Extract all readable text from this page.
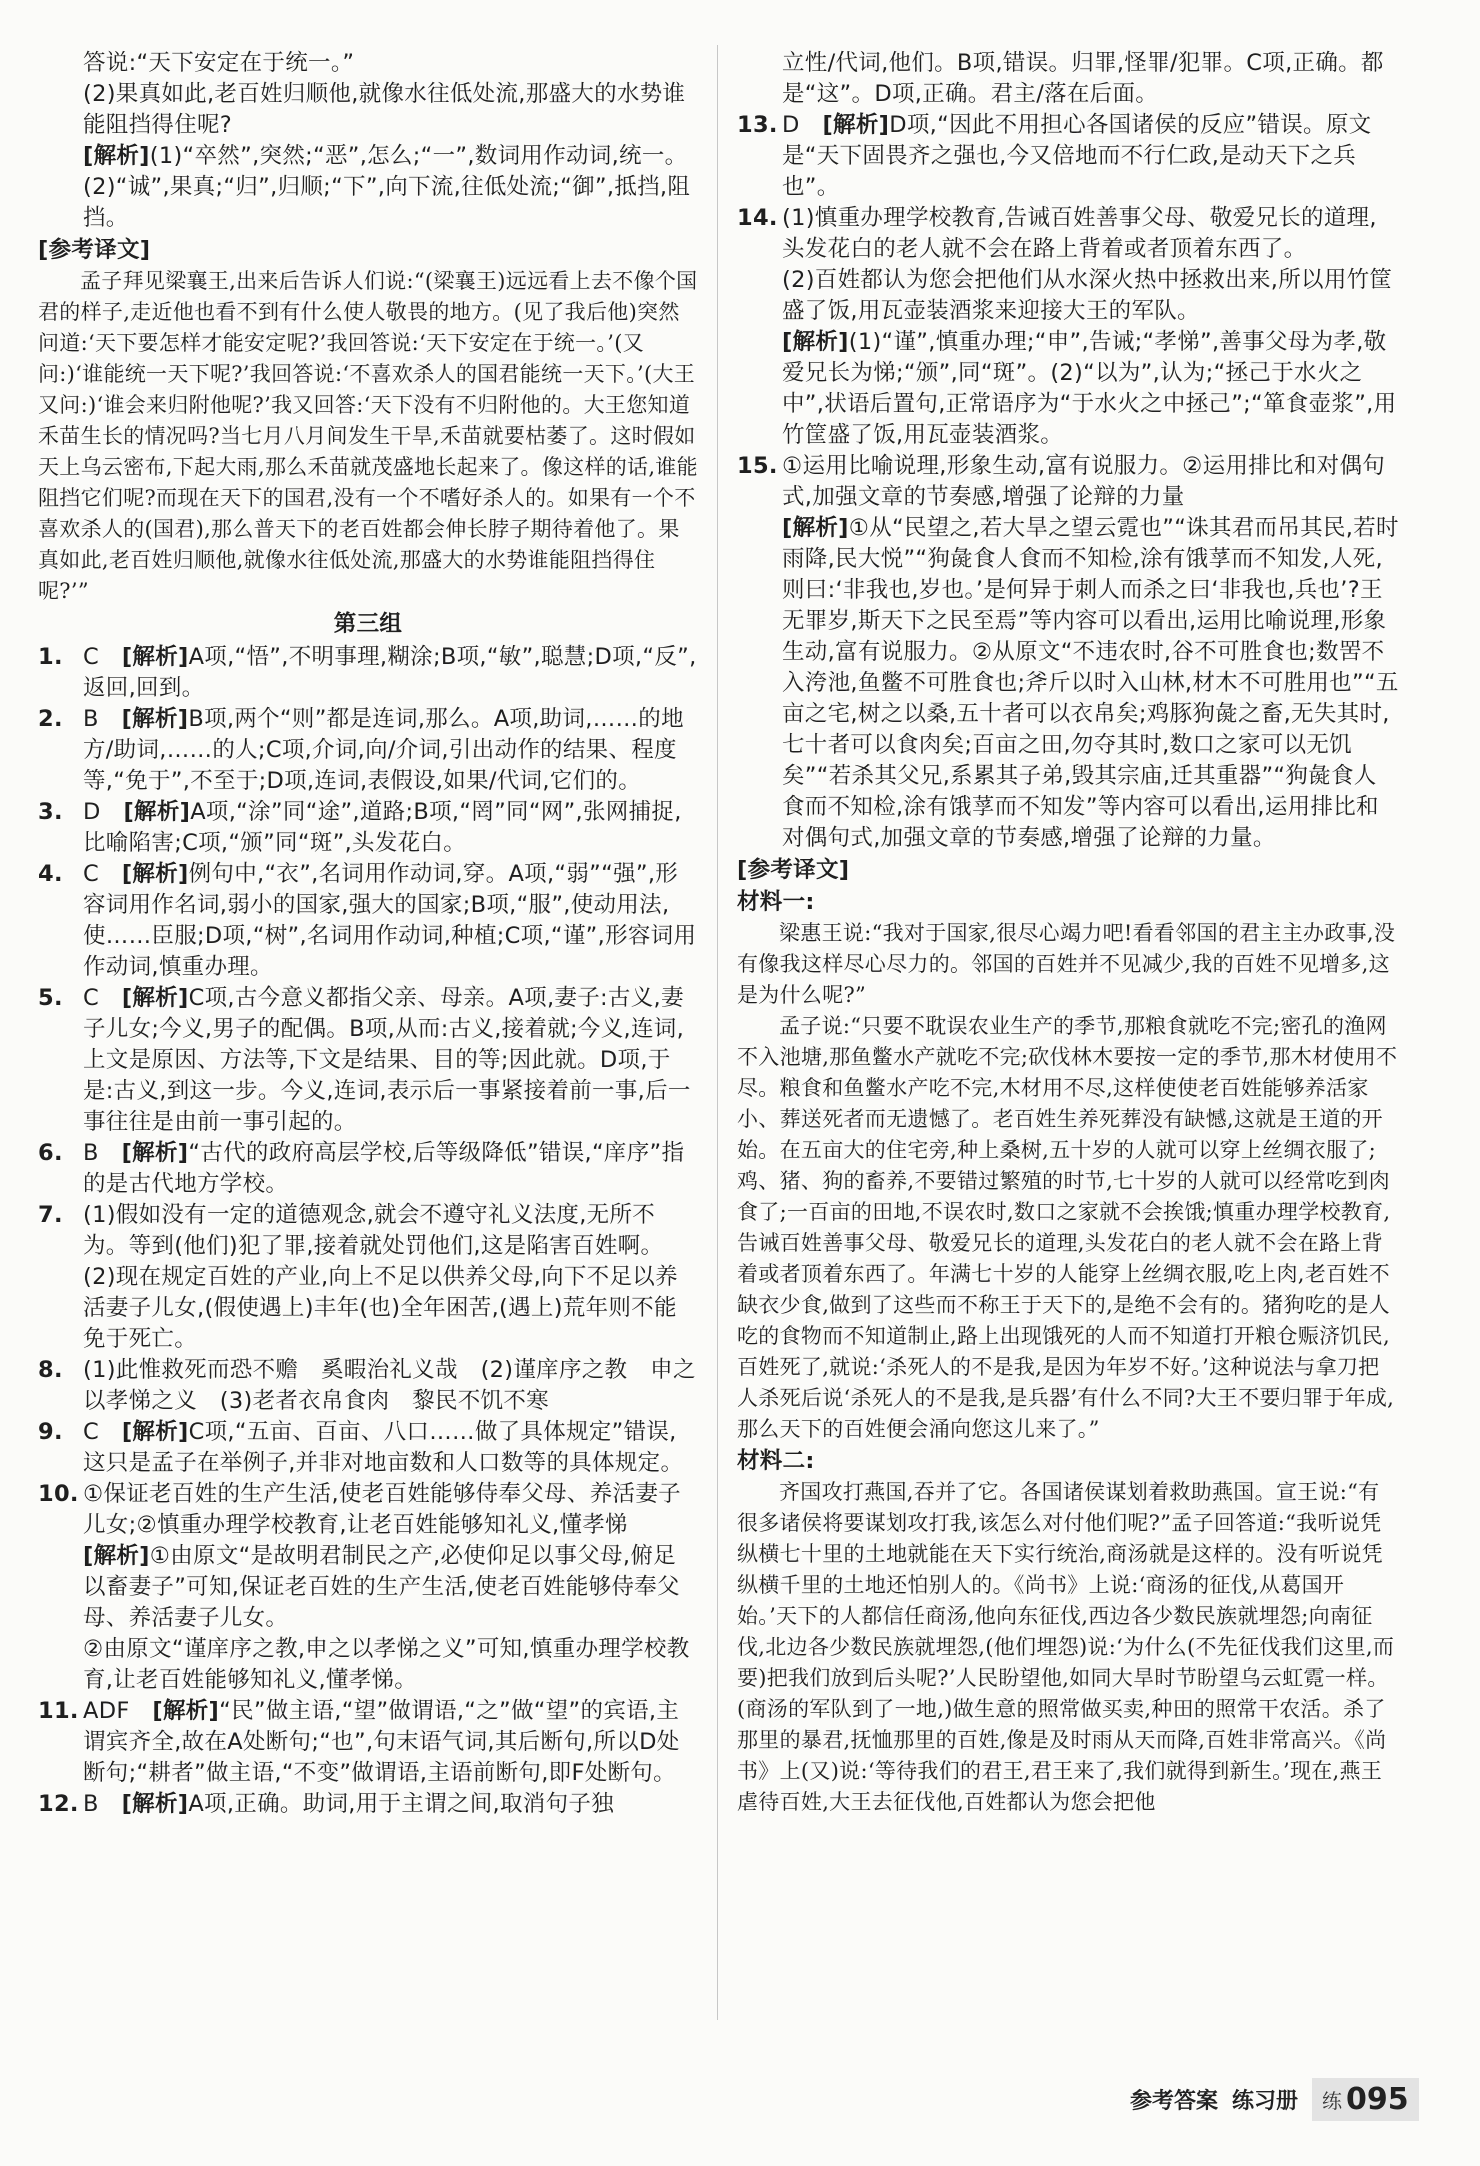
答说:“天下安定在于统一。”

(2)果真如此,老百姓归顺他,就像水往低处流,那盛大的水势谁能阻挡得住呢?

[解析](1)“卒然”,突然;“恶”,怎么;“一”,数词用作动词,统一。(2)“诚”,果真;“归”,归顺;“下”,向下流,往低处流;“御”,抵挡,阻挡。

[参考译文]

孟子拜见梁襄王,出来后告诉人们说:“(梁襄王)远远看上去不像个国君的样子,走近他也看不到有什么使人敬畏的地方。(见了我后他)突然问道:‘天下要怎样才能安定呢?’我回答说:‘天下安定在于统一。’(又问:)‘谁能统一天下呢?’我回答说:‘不喜欢杀人的国君能统一天下。’(大王又问:)‘谁会来归附他呢?’我又回答:‘天下没有不归附他的。大王您知道禾苗生长的情况吗?当七月八月间发生干旱,禾苗就要枯萎了。这时假如天上乌云密布,下起大雨,那么禾苗就茂盛地长起来了。像这样的话,谁能阻挡它们呢?而现在天下的国君,没有一个不嗜好杀人的。如果有一个不喜欢杀人的(国君),那么普天下的老百姓都会伸长脖子期待着他了。果真如此,老百姓归顺他,就像水往低处流,那盛大的水势谁能阻挡得住呢?’”

第三组

1. C　 [解析]A项,“悟”,不明事理,糊涂;B项,“敏”,聪慧;D项,“反”,返回,回到。

2. B　 [解析]B项,两个“则”都是连词,那么。A项,助词,……的地方/助词,……的人;C项,介词,向/介词,引出动作的结果、程度等,“免于”,不至于;D项,连词,表假设,如果/代词,它们的。

3. D　 [解析]A项,“涂”同“途”,道路;B项,“罔”同“网”,张网捕捉,比喻陷害;C项,“颁”同“斑”,头发花白。

4. C　 [解析]例句中,“衣”,名词用作动词,穿。A项,“弱”“强”,形容词用作名词,弱小的国家,强大的国家;B项,“服”,使动用法,使……臣服;D项,“树”,名词用作动词,种植;C项,“谨”,形容词用作动词,慎重办理。

5. C　 [解析]C项,古今意义都指父亲、母亲。A项,妻子:古义,妻子儿女;今义,男子的配偶。B项,从而:古义,接着就;今义,连词,上文是原因、方法等,下文是结果、目的等;因此就。D项,于是:古义,到这一步。今义,连词,表示后一事紧接着前一事,后一事往往是由前一事引起的。

6. B　 [解析]“古代的政府高层学校,后等级降低”错误,“庠序”指的是古代地方学校。

7. (1)假如没有一定的道德观念,就会不遵守礼义法度,无所不为。等到(他们)犯了罪,接着就处罚他们,这是陷害百姓啊。

(2)现在规定百姓的产业,向上不足以供养父母,向下不足以养活妻子儿女,(假使遇上)丰年(也)全年困苦,(遇上)荒年则不能免于死亡。

8. (1)此惟救死而恐不赡　奚暇治礼义哉　(2)谨庠序之教　申之以孝悌之义　(3)老者衣帛食肉　黎民不饥不寒

9. C　 [解析]C项,“五亩、百亩、八口……做了具体规定”错误,这只是孟子在举例子,并非对地亩数和人口数等的具体规定。

10. ①保证老百姓的生产生活,使老百姓能够侍奉父母、养活妻子儿女;②慎重办理学校教育,让老百姓能够知礼义,懂孝悌

[解析]①由原文“是故明君制民之产,必使仰足以事父母,俯足以畜妻子”可知,保证老百姓的生产生活,使老百姓能够侍奉父母、养活妻子儿女。

②由原文“谨庠序之教,申之以孝悌之义”可知,慎重办理学校教育,让老百姓能够知礼义,懂孝悌。

11. ADF　 [解析]“民”做主语,“望”做谓语,“之”做“望”的宾语,主谓宾齐全,故在A处断句;“也”,句末语气词,其后断句,所以D处断句;“耕者”做主语,“不变”做谓语,主语前断句,即F处断句。

12. B　 [解析]A项,正确。助词,用于主谓之间,取消句子独

立性/代词,他们。B项,错误。归罪,怪罪/犯罪。C项,正确。都是“这”。D项,正确。君主/落在后面。

13. D　 [解析]D项,“因此不用担心各国诸侯的反应”错误。原文是“天下固畏齐之强也,今又倍地而不行仁政,是动天下之兵也”。

14. (1)慎重办理学校教育,告诫百姓善事父母、敬爱兄长的道理,头发花白的老人就不会在路上背着或者顶着东西了。

(2)百姓都认为您会把他们从水深火热中拯救出来,所以用竹筐盛了饭,用瓦壶装酒浆来迎接大王的军队。

[解析](1)“谨”,慎重办理;“申”,告诫;“孝悌”,善事父母为孝,敬爱兄长为悌;“颁”,同“斑”。(2)“以为”,认为;“拯己于水火之中”,状语后置句,正常语序为“于水火之中拯己”;“箪食壶浆”,用竹筐盛了饭,用瓦壶装酒浆。

15. ①运用比喻说理,形象生动,富有说服力。②运用排比和对偶句式,加强文章的节奏感,增强了论辩的力量

[解析]①从“民望之,若大旱之望云霓也”“诛其君而吊其民,若时雨降,民大悦”“狗彘食人食而不知检,涂有饿莩而不知发,人死,则曰:‘非我也,岁也。’是何异于刺人而杀之曰‘非我也,兵也’?王无罪岁,斯天下之民至焉”等内容可以看出,运用比喻说理,形象生动,富有说服力。②从原文“不违农时,谷不可胜食也;数罟不入洿池,鱼鳖不可胜食也;斧斤以时入山林,材木不可胜用也”“五亩之宅,树之以桑,五十者可以衣帛矣;鸡豚狗彘之畜,无失其时,七十者可以食肉矣;百亩之田,勿夺其时,数口之家可以无饥矣”“若杀其父兄,系累其子弟,毁其宗庙,迁其重器”“狗彘食人食而不知检,涂有饿莩而不知发”等内容可以看出,运用排比和对偶句式,加强文章的节奏感,增强了论辩的力量。

[参考译文]

材料一:

梁惠王说:“我对于国家,很尽心竭力吧!看看邻国的君主主办政事,没有像我这样尽心尽力的。邻国的百姓并不见减少,我的百姓不见增多,这是为什么呢?”

孟子说:“只要不耽误农业生产的季节,那粮食就吃不完;密孔的渔网不入池塘,那鱼鳖水产就吃不完;砍伐林木要按一定的季节,那木材使用不尽。粮食和鱼鳖水产吃不完,木材用不尽,这样使使老百姓能够养活家小、葬送死者而无遗憾了。老百姓生养死葬没有缺憾,这就是王道的开始。在五亩大的住宅旁,种上桑树,五十岁的人就可以穿上丝绸衣服了;鸡、猪、狗的畜养,不要错过繁殖的时节,七十岁的人就可以经常吃到肉食了;一百亩的田地,不误农时,数口之家就不会挨饿;慎重办理学校教育,告诫百姓善事父母、敬爱兄长的道理,头发花白的老人就不会在路上背着或者顶着东西了。年满七十岁的人能穿上丝绸衣服,吃上肉,老百姓不缺衣少食,做到了这些而不称王于天下的,是绝不会有的。猪狗吃的是人吃的食物而不知道制止,路上出现饿死的人而不知道打开粮仓赈济饥民,百姓死了,就说:‘杀死人的不是我,是因为年岁不好。’这种说法与拿刀把人杀死后说‘杀死人的不是我,是兵器’有什么不同?大王不要归罪于年成,那么天下的百姓便会涌向您这儿来了。”

材料二:

齐国攻打燕国,吞并了它。各国诸侯谋划着救助燕国。宣王说:“有很多诸侯将要谋划攻打我,该怎么对付他们呢?”孟子回答道:“我听说凭纵横七十里的土地就能在天下实行统治,商汤就是这样的。没有听说凭纵横千里的土地还怕别人的。《尚书》上说:‘商汤的征伐,从葛国开始。’天下的人都信任商汤,他向东征伐,西边各少数民族就埋怨;向南征伐,北边各少数民族就埋怨,(他们埋怨)说:‘为什么(不先征伐我们这里,而要)把我们放到后头呢?’人民盼望他,如同大旱时节盼望乌云虹霓一样。(商汤的军队到了一地,)做生意的照常做买卖,种田的照常干农活。杀了那里的暴君,抚恤那里的百姓,像是及时雨从天而降,百姓非常高兴。《尚书》上(又)说:‘等待我们的君王,君王来了,我们就得到新生。’现在,燕王虐待百姓,大王去征伐他,百姓都认为您会把他

参考答案 练习册 练 095
